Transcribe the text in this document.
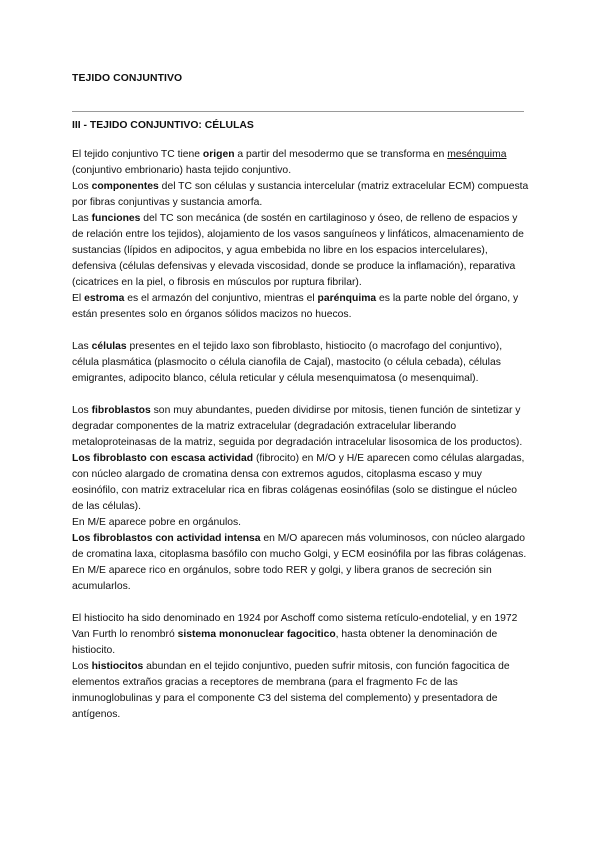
TEJIDO CONJUNTIVO
III - TEJIDO CONJUNTIVO: CÉLULAS

El tejido conjuntivo TC tiene origen a partir del mesodermo que se transforma en mesénquima (conjuntivo embrionario) hasta tejido conjuntivo.

Los componentes del TC son células y sustancia intercelular (matriz extracelular ECM) compuesta por fibras conjuntivas y sustancia amorfa.

Las funciones del TC son mecánica (de sostén en cartilaginoso y óseo, de relleno de espacios y de relación entre los tejidos), alojamiento de los vasos sanguíneos y linfáticos, almacenamiento de sustancias (lípidos en adipocitos, y agua embebida no libre en los espacios intercelulares), defensiva (células defensivas y elevada viscosidad, donde se produce la inflamación), reparativa (cicatrices en la piel, o fibrosis en músculos por ruptura fibrilar).

El estroma es el armazón del conjuntivo, mientras el parénquima es la parte noble del órgano, y están presentes solo en órganos sólidos macizos no huecos.

Las células presentes en el tejido laxo son fibroblasto, histiocito (o macrofago del conjuntivo), célula plasmática (plasmocito o célula cianofila de Cajal), mastocito (o célula cebada), células emigrantes, adipocito blanco, célula reticular y célula mesenquimatosa (o mesenquimal).

Los fibroblastos son muy abundantes, pueden dividirse por mitosis, tienen función de sintetizar y degradar componentes de la matriz extracelular (degradación extracelular liberando metaloproteinasas de la matriz, seguida por degradación intracelular lisosomica de los productos).

Los fibroblasto con escasa actividad (fibrocito) en M/O y H/E aparecen como células alargadas, con núcleo alargado de cromatina densa con extremos agudos, citoplasma escaso y muy eosinófilo, con matriz extracelular rica en fibras colágenas eosinófilas (solo se distingue el núcleo de las células).

En M/E aparece pobre en orgánulos.

Los fibroblastos con actividad intensa en M/O aparecen más voluminosos, con núcleo alargado de cromatina laxa, citoplasma basófilo con mucho Golgi, y ECM eosinófila por las fibras colágenas.

En M/E aparece rico en orgánulos, sobre todo RER y golgi, y libera granos de secreción sin acumularlos.

El histiocito ha sido denominado en 1924 por Aschoff como sistema retículo-endotelial, y en 1972 Van Furth lo renombró sistema mononuclear fagocitico, hasta obtener la denominación de histiocito.

Los histiocitos abundan en el tejido conjuntivo, pueden sufrir mitosis, con función fagocitica de elementos extraños gracias a receptores de membrana (para el fragmento Fc de las inmunoglobulinas y para el componente C3 del sistema del complemento) y presentadora de antígenos.
